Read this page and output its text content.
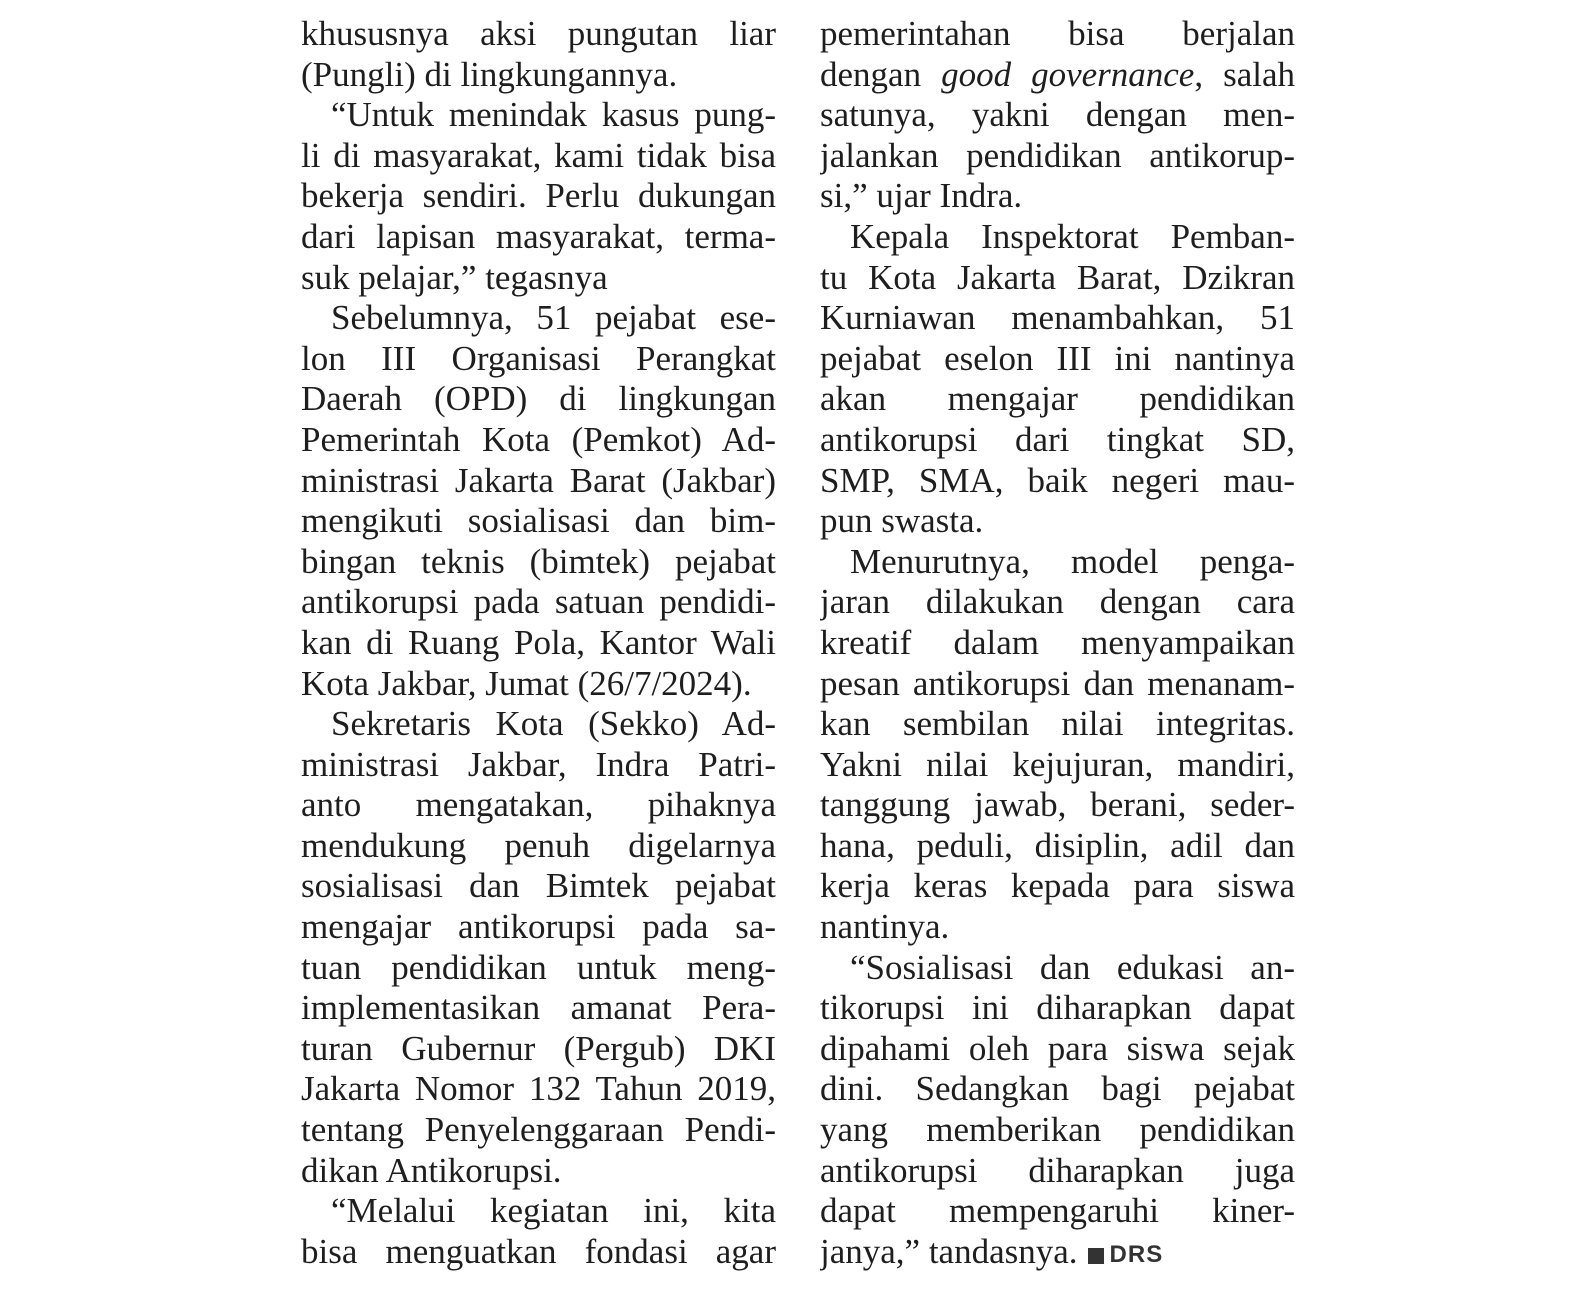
khususnya aksi pungutan liar
(Pungli) di lingkungannya.
“Untuk menindak kasus pung-
li di masyarakat, kami tidak bisa
bekerja sendiri. Perlu dukungan
dari lapisan masyarakat, terma-
suk pelajar,” tegasnya
Sebelumnya, 51 pejabat ese-
lon III Organisasi Perangkat
Daerah (OPD) di lingkungan
Pemerintah Kota (Pemkot) Ad-
ministrasi Jakarta Barat (Jakbar)
mengikuti sosialisasi dan bim-
bingan teknis (bimtek) pejabat
antikorupsi pada satuan pendidi-
kan di Ruang Pola, Kantor Wali
Kota Jakbar, Jumat (26/7/2024).
Sekretaris Kota (Sekko) Ad-
ministrasi Jakbar, Indra Patri-
anto mengatakan, pihaknya
mendukung penuh digelarnya
sosialisasi dan Bimtek pejabat
mengajar antikorupsi pada sa-
tuan pendidikan untuk meng-
implementasikan amanat Pera-
turan Gubernur (Pergub) DKI
Jakarta Nomor 132 Tahun 2019,
tentang Penyelenggaraan Pendi-
dikan Antikorupsi.
“Melalui kegiatan ini, kita
bisa menguatkan fondasi agar
pemerintahan bisa berjalan
dengan good governance, salah
satunya, yakni dengan men-
jalankan pendidikan antikorup-
si,” ujar Indra.
Kepala Inspektorat Pemban-
tu Kota Jakarta Barat, Dzikran
Kurniawan menambahkan, 51
pejabat eselon III ini nantinya
akan mengajar pendidikan
antikorupsi dari tingkat SD,
SMP, SMA, baik negeri mau-
pun swasta.
Menurutnya, model penga-
jaran dilakukan dengan cara
kreatif dalam menyampaikan
pesan antikorupsi dan menanam-
kan sembilan nilai integritas.
Yakni nilai kejujuran, mandiri,
tanggung jawab, berani, seder-
hana, peduli, disiplin, adil dan
kerja keras kepada para siswa
nantinya.
“Sosialisasi dan edukasi an-
tikorupsi ini diharapkan dapat
dipahami oleh para siswa sejak
dini. Sedangkan bagi pejabat
yang memberikan pendidikan
antikorupsi diharapkan juga
dapat mempengaruhi kiner-
janya,” tandasnya. DRS
